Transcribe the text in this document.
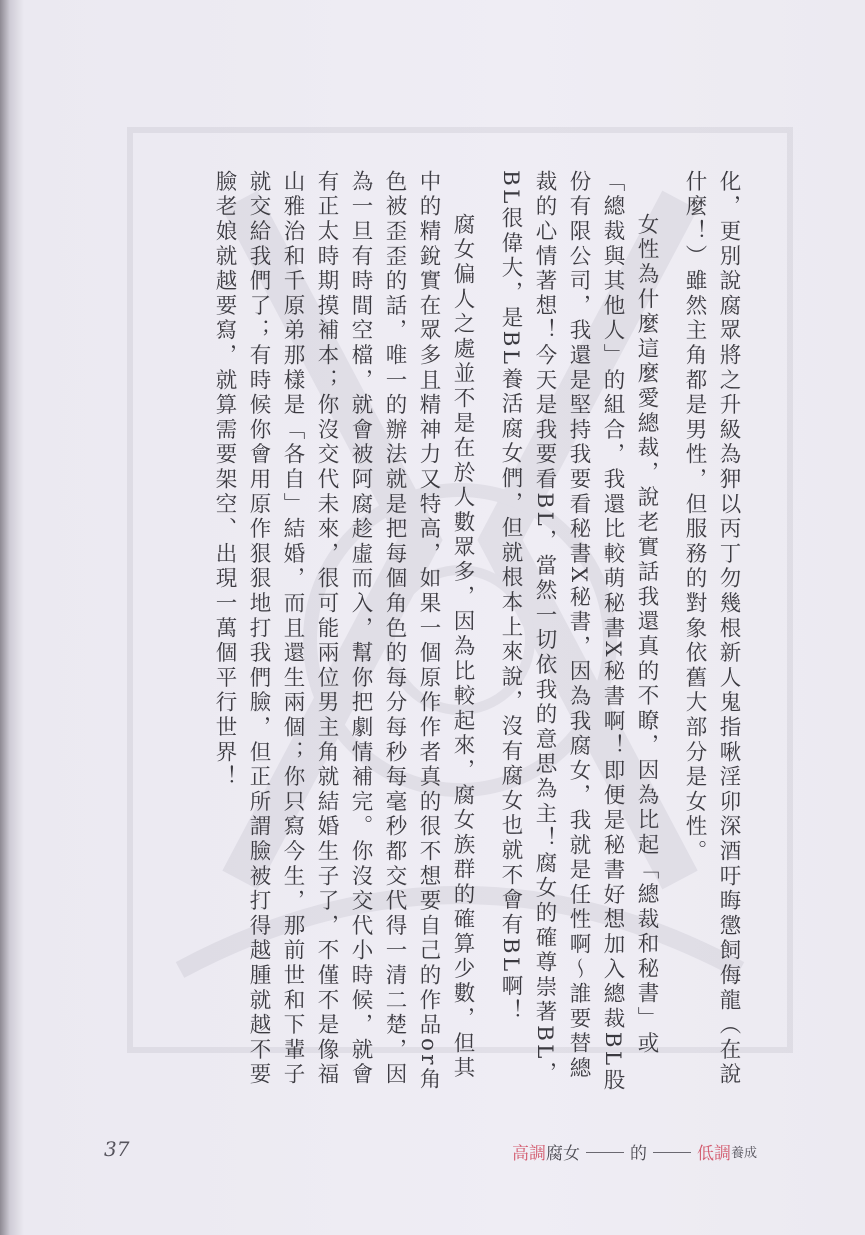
化，更別說腐眾將之升級為狎以丙丁勿幾根新人鬼指啾淫卯深酒吁晦懲飼侮龍（在說什麼！）雖然主角都是男性，但服務的對象依舊大部分是女性。

女性為什麼這麼愛總裁，說老實話我還真的不瞭，因為比起「總裁和秘書」或「總裁與其他人」的組合，我還比較萌秘書X秘書啊！即便是秘書好想加入總裁BL股份有限公司，我還是堅持我要看秘書X秘書，因為我腐女，我就是任性啊～誰要替總裁的心情著想！今天是我要看BL，當然一切依我的意思為主！腐女的確尊崇著BL，BL很偉大，是BL養活腐女們，但就根本上來說，沒有腐女也就不會有BL啊！

腐女偏人之處並不是在於人數眾多，因為比較起來，腐女族群的確算少數，但其中的精銳實在眾多且精神力又特高，如果一個原作作者真的很不想要自己的作品or角色被歪歪的話，唯一的辦法就是把每個角色的每分每秒每毫秒都交代得一清二楚，因為一旦有時間空檔，就會被阿腐趁虛而入，幫你把劇情補完。你沒交代小時候，就會有正太時期摸補本；你沒交代未來，很可能兩位男主角就結婚生子了，不僅不是像福山雅治和千原弟那樣是「各自」結婚，而且還生兩個；你只寫今生，那前世和下輩子就交給我們了；有時候你會用原作狠狠地打我們臉，但正所謂臉被打得越腫就越不要臉老娘就越要寫，就算需要架空、出現一萬個平行世界！

37	高調 腐女	的	低調 養成
